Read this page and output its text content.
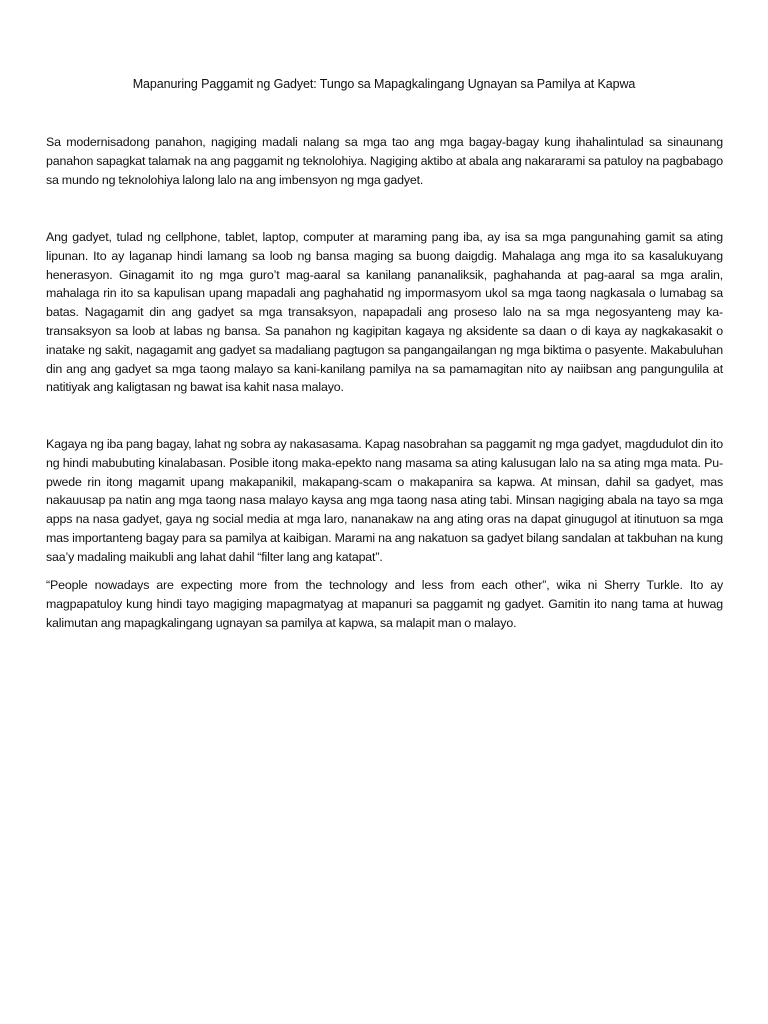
Mapanuring Paggamit ng Gadyet: Tungo sa Mapagkalingang Ugnayan sa Pamilya at Kapwa

Sa modernisadong panahon, nagiging madali nalang sa mga tao ang mga bagay-bagay kung ihahalintulad sa sinaunang panahon sapagkat talamak na ang paggamit ng teknolohiya. Nagiging aktibo at abala ang nakararami sa patuloy na pagbabago sa mundo ng teknolohiya lalong lalo na ang imbensyon ng mga gadyet.

Ang gadyet, tulad ng cellphone, tablet, laptop, computer at maraming pang iba, ay isa sa mga pangunahing gamit sa ating lipunan. Ito ay laganap hindi lamang sa loob ng bansa maging sa buong daigdig. Mahalaga ang mga ito sa kasalukuyang henerasyon. Ginagamit ito ng mga guro’t mag-aaral sa kanilang pananaliksik, paghahanda at pag-aaral sa mga aralin, mahalaga rin ito sa kapulisan upang mapadali ang paghahatid ng impormasyom ukol sa mga taong nagkasala o lumabag sa batas. Nagagamit din ang gadyet sa mga transaksyon, napapadali ang proseso lalo na sa mga negosyanteng may ka-transaksyon sa loob at labas ng bansa. Sa panahon ng kagipitan kagaya ng aksidente sa daan o di kaya ay nagkakasakit o inatake ng sakit, nagagamit ang gadyet sa madaliang pagtugon sa pangangailangan ng mga biktima o pasyente. Makabuluhan din ang ang gadyet sa mga taong malayo sa kani-kanilang pamilya na sa pamamagitan nito ay naiibsan ang pangungulila at natitiyak ang kaligtasan ng bawat isa kahit nasa malayo.

Kagaya ng iba pang bagay, lahat ng sobra ay nakasasama. Kapag nasobrahan sa paggamit ng mga gadyet, magdudulot din ito ng hindi mabubuting kinalabasan. Posible itong maka-epekto nang masama sa ating kalusugan lalo na sa ating mga mata. Pu-pwede rin itong magamit upang makapanikil, makapang-scam o makapanira sa kapwa. At minsan, dahil sa gadyet, mas nakauusap pa natin ang mga taong nasa malayo kaysa ang mga taong nasa ating tabi. Minsan nagiging abala na tayo sa mga apps na nasa gadyet, gaya ng social media at mga laro, nananakaw na ang ating oras na dapat ginugugol at itinutuon sa mga mas importanteng bagay para sa pamilya at kaibigan. Marami na ang nakatuon sa gadyet bilang sandalan at takbuhan na kung saa’y madaling maikubli ang lahat dahil “filter lang ang katapat”.

“People nowadays are expecting more from the technology and less from each other”, wika ni Sherry Turkle. Ito ay magpapatuloy kung hindi tayo magiging mapagmatyag at mapanuri sa paggamit ng gadyet. Gamitin ito nang tama at huwag kalimutan ang mapagkalingang ugnayan sa pamilya at kapwa, sa malapit man o malayo.
